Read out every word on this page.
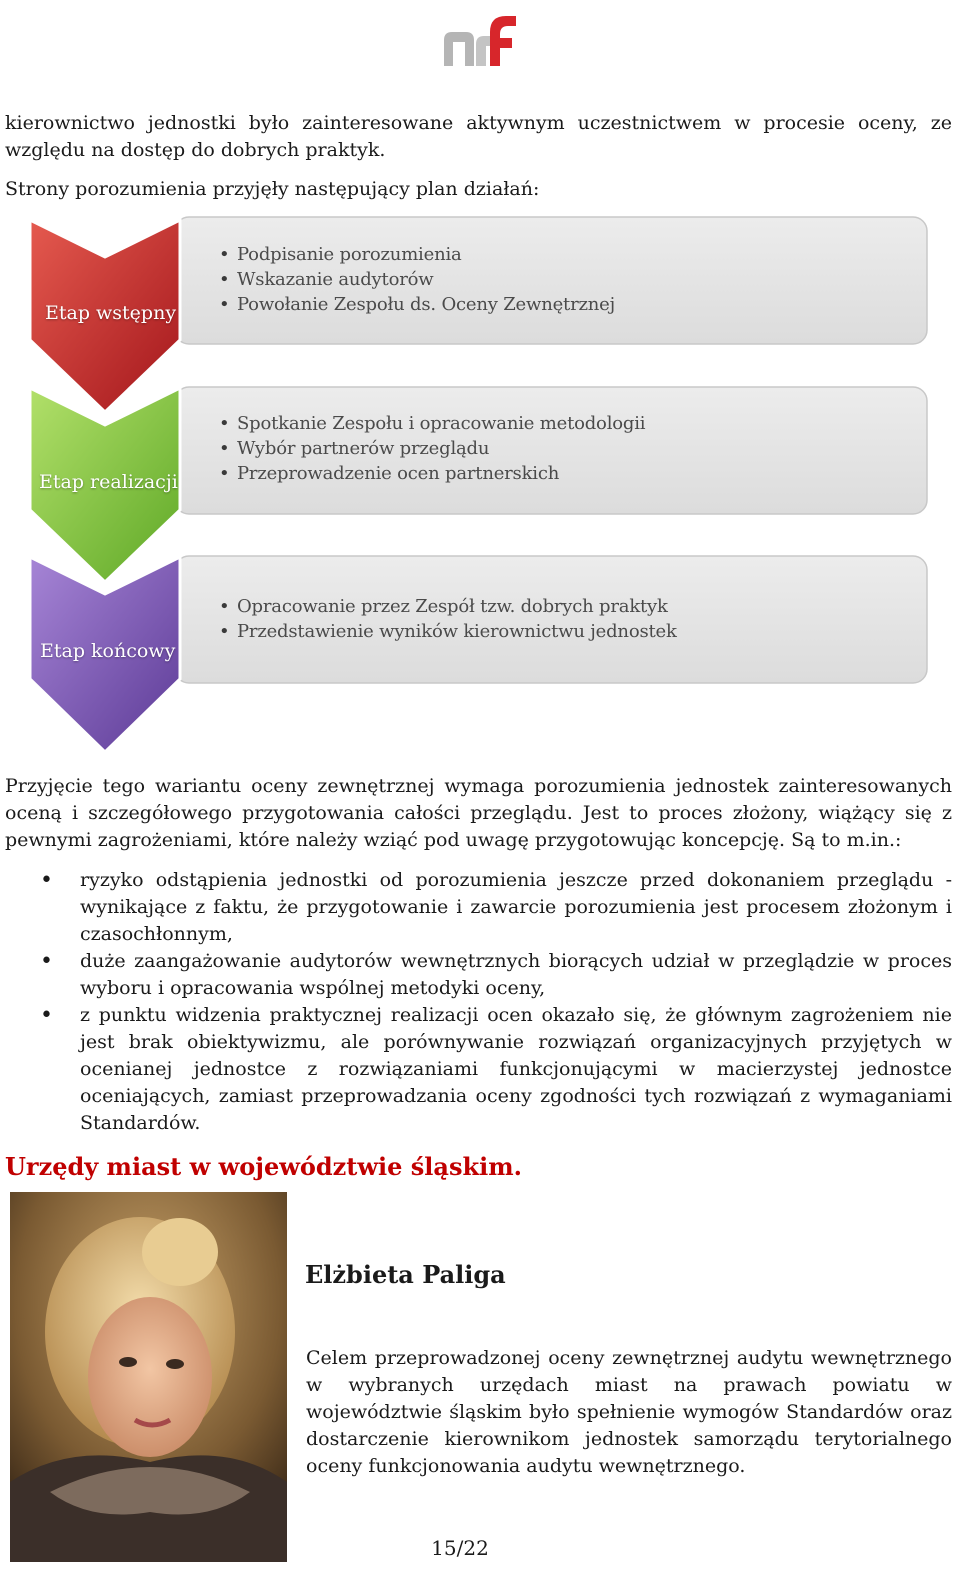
kierownictwo jednostki było zainteresowane aktywnym uczestnictwem w procesie oceny, ze względu na dostęp do dobrych praktyk.
Strony porozumienia przyjęły następujący plan działań:
Etap wstępny
• Podpisanie porozumienia
• Wskazanie audytorów
• Powołanie Zespołu ds. Oceny Zewnętrznej
Etap realizacji
• Spotkanie Zespołu i opracowanie metodologii
• Wybór partnerów przeglądu
• Przeprowadzenie ocen partnerskich
Etap końcowy
• Opracowanie przez Zespół tzw. dobrych praktyk
• Przedstawienie wyników kierownictwu jednostek
Przyjęcie tego wariantu oceny zewnętrznej wymaga porozumienia jednostek zainteresowanych oceną i szczegółowego przygotowania całości przeglądu. Jest to proces złożony, wiążący się z pewnymi zagrożeniami, które należy wziąć pod uwagę przygotowując koncepcję. Są to m.in.:
• ryzyko odstąpienia jednostki od porozumienia jeszcze przed dokonaniem przeglądu - wynikające z faktu, że przygotowanie i zawarcie porozumienia jest procesem złożonym i czasochłonnym,
• duże zaangażowanie audytorów wewnętrznych biorących udział w przeglądzie w proces wyboru i opracowania wspólnej metodyki oceny,
• z punktu widzenia praktycznej realizacji ocen okazało się, że głównym zagrożeniem nie jest brak obiektywizmu, ale porównywanie rozwiązań organizacyjnych przyjętych w ocenianej jednostce z rozwiązaniami funkcjonującymi w macierzystej jednostce oceniających, zamiast przeprowadzania oceny zgodności tych rozwiązań z wymaganiami Standardów.
Urzędy miast w województwie śląskim.
Elżbieta Paliga
Celem przeprowadzonej oceny zewnętrznej audytu wewnętrznego w wybranych urzędach miast na prawach powiatu w województwie śląskim było spełnienie wymogów Standardów oraz dostarczenie kierownikom jednostek samorządu terytorialnego oceny funkcjonowania audytu wewnętrznego.
15/22
